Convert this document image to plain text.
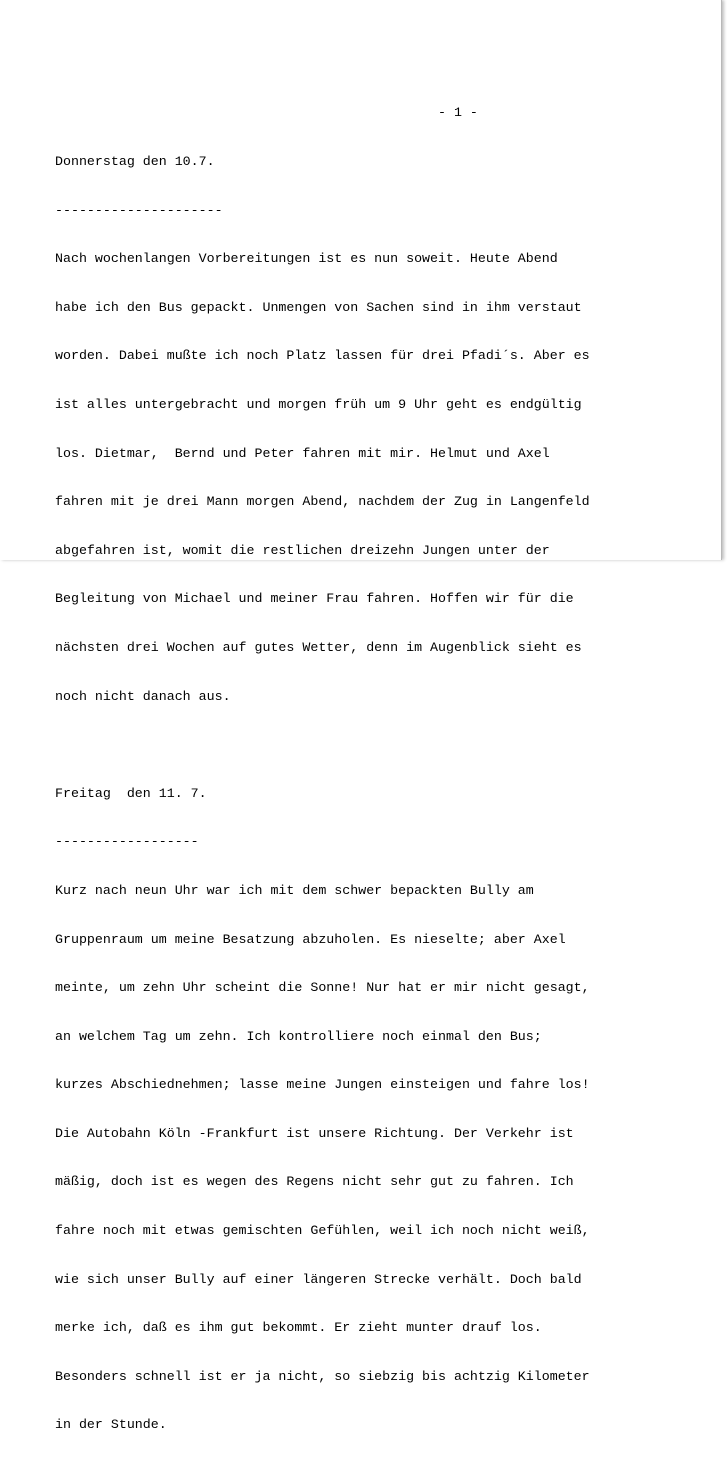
- 1 -

Donnerstag den 10.7.

---------------------

Nach wochenlangen Vorbereitungen ist es nun soweit. Heute Abend

habe ich den Bus gepackt. Unmengen von Sachen sind in ihm verstaut

worden. Dabei mußte ich noch Platz lassen für drei Pfadi´s. Aber es

ist alles untergebracht und morgen früh um 9 Uhr geht es endgültig

los. Dietmar,  Bernd und Peter fahren mit mir. Helmut und Axel

fahren mit je drei Mann morgen Abend, nachdem der Zug in Langenfeld

abgefahren ist, womit die restlichen dreizehn Jungen unter der

Begleitung von Michael und meiner Frau fahren. Hoffen wir für die

nächsten drei Wochen auf gutes Wetter, denn im Augenblick sieht es

noch nicht danach aus.

Freitag  den 11. 7.

------------------

Kurz nach neun Uhr war ich mit dem schwer bepackten Bully am

Gruppenraum um meine Besatzung abzuholen. Es nieselte; aber Axel

meinte, um zehn Uhr scheint die Sonne! Nur hat er mir nicht gesagt,

an welchem Tag um zehn. Ich kontrolliere noch einmal den Bus;

kurzes Abschiednehmen; lasse meine Jungen einsteigen und fahre los!

Die Autobahn Köln -Frankfurt ist unsere Richtung. Der Verkehr ist

mäßig, doch ist es wegen des Regens nicht sehr gut zu fahren. Ich

fahre noch mit etwas gemischten Gefühlen, weil ich noch nicht weiß,

wie sich unser Bully auf einer längeren Strecke verhält. Doch bald

merke ich, daß es ihm gut bekommt. Er zieht munter drauf los.

Besonders schnell ist er ja nicht, so siebzig bis achtzig Kilometer

in der Stunde.
